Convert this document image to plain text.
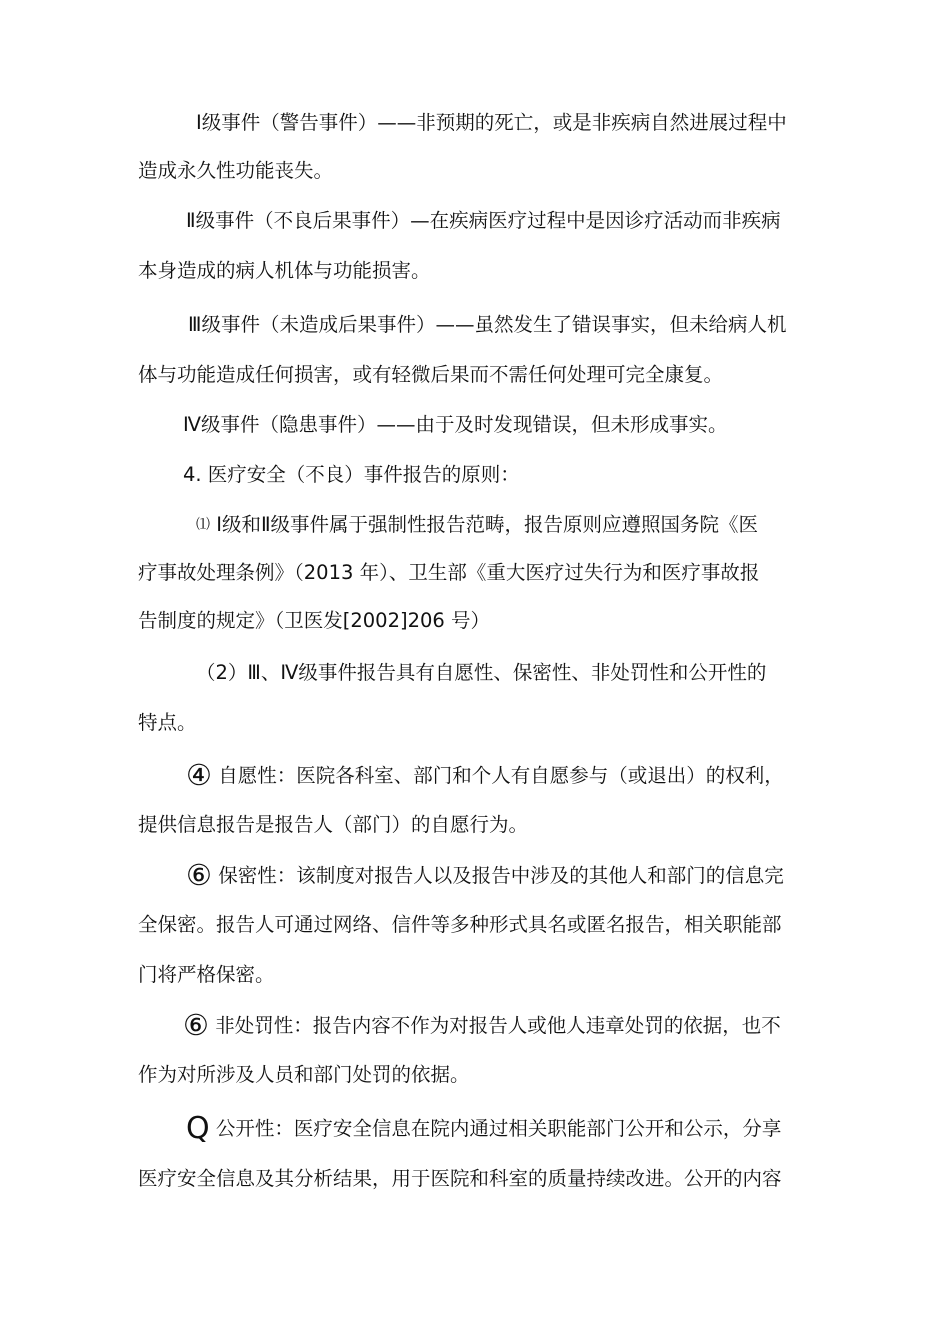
Ⅰ级事件（警告事件）——非预期的死亡，或是非疾病自然进展过程中
造成永久性功能丧失。
Ⅱ级事件（不良后果事件）—在疾病医疗过程中是因诊疗活动而非疾病
本身造成的病人机体与功能损害。
Ⅲ级事件（未造成后果事件）——虽然发生了错误事实，但未给病人机
体与功能造成任何损害，或有轻微后果而不需任何处理可完全康复。
Ⅳ级事件（隐患事件）——由于及时发现错误，但未形成事实。
4. 医疗安全（不良）事件报告的原则：
⑴ Ⅰ级和Ⅱ级事件属于强制性报告范畴，报告原则应遵照国务院《医
疗事故处理条例》（2013 年）、卫生部《重大医疗过失行为和医疗事故报
告制度的规定》（卫医发[2002]206 号）
（2）Ⅲ、Ⅳ级事件报告具有自愿性、保密性、非处罚性和公开性的
特点。
④ 自愿性：医院各科室、部门和个人有自愿参与（或退出）的权利，
提供信息报告是报告人（部门）的自愿行为。
⑥ 保密性：该制度对报告人以及报告中涉及的其他人和部门的信息完
全保密。报告人可通过网络、信件等多种形式具名或匿名报告，相关职能部
门将严格保密。
⑥ 非处罚性：报告内容不作为对报告人或他人违章处罚的依据，也不
作为对所涉及人员和部门处罚的依据。
Q 公开性：医疗安全信息在院内通过相关职能部门公开和公示，分享
医疗安全信息及其分析结果，用于医院和科室的质量持续改进。公开的内容
